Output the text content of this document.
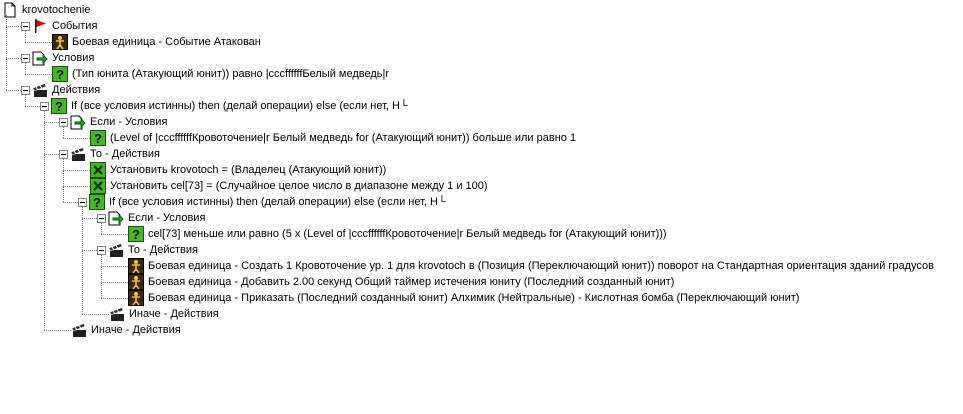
krovotochenie
События
Боевая единица - Событие Атакован
Условия
? (Тип юнита (Атакующий юнит)) равно |cccffffffБелый медведь|r
Действия
? If (все условия истинны) then (делай операции) else (если нет, Н└
Если - Условия
? (Level of |cccffffffКровоточение|r Белый медведь for (Атакующий юнит)) больше или равно 1
То - Действия
Установить krovotoch = (Владелец (Атакующий юнит))
Установить cel[73] = (Случайное целое число в диапазоне между 1 и 100)
? If (все условия истинны) then (делай операции) else (если нет, Н└
Если - Условия
? cel[73] меньше или равно (5 x (Level of |cccffffffКровоточение|r Белый медведь for (Атакующий юнит)))
То - Действия
Боевая единица - Создать 1 Кровоточение ур. 1 для krovotoch в (Позиция (Переключающий юнит)) поворот на Стандартная ориентация зданий градусов
Боевая единица - Добавить 2.00 секунд Общий таймер истечения юниту (Последний созданный юнит)
Боевая единица - Приказать (Последний созданный юнит) Алхимик (Нейтральные) - Кислотная бомба (Переключающий юнит)
Иначе - Действия
Иначе - Действия
